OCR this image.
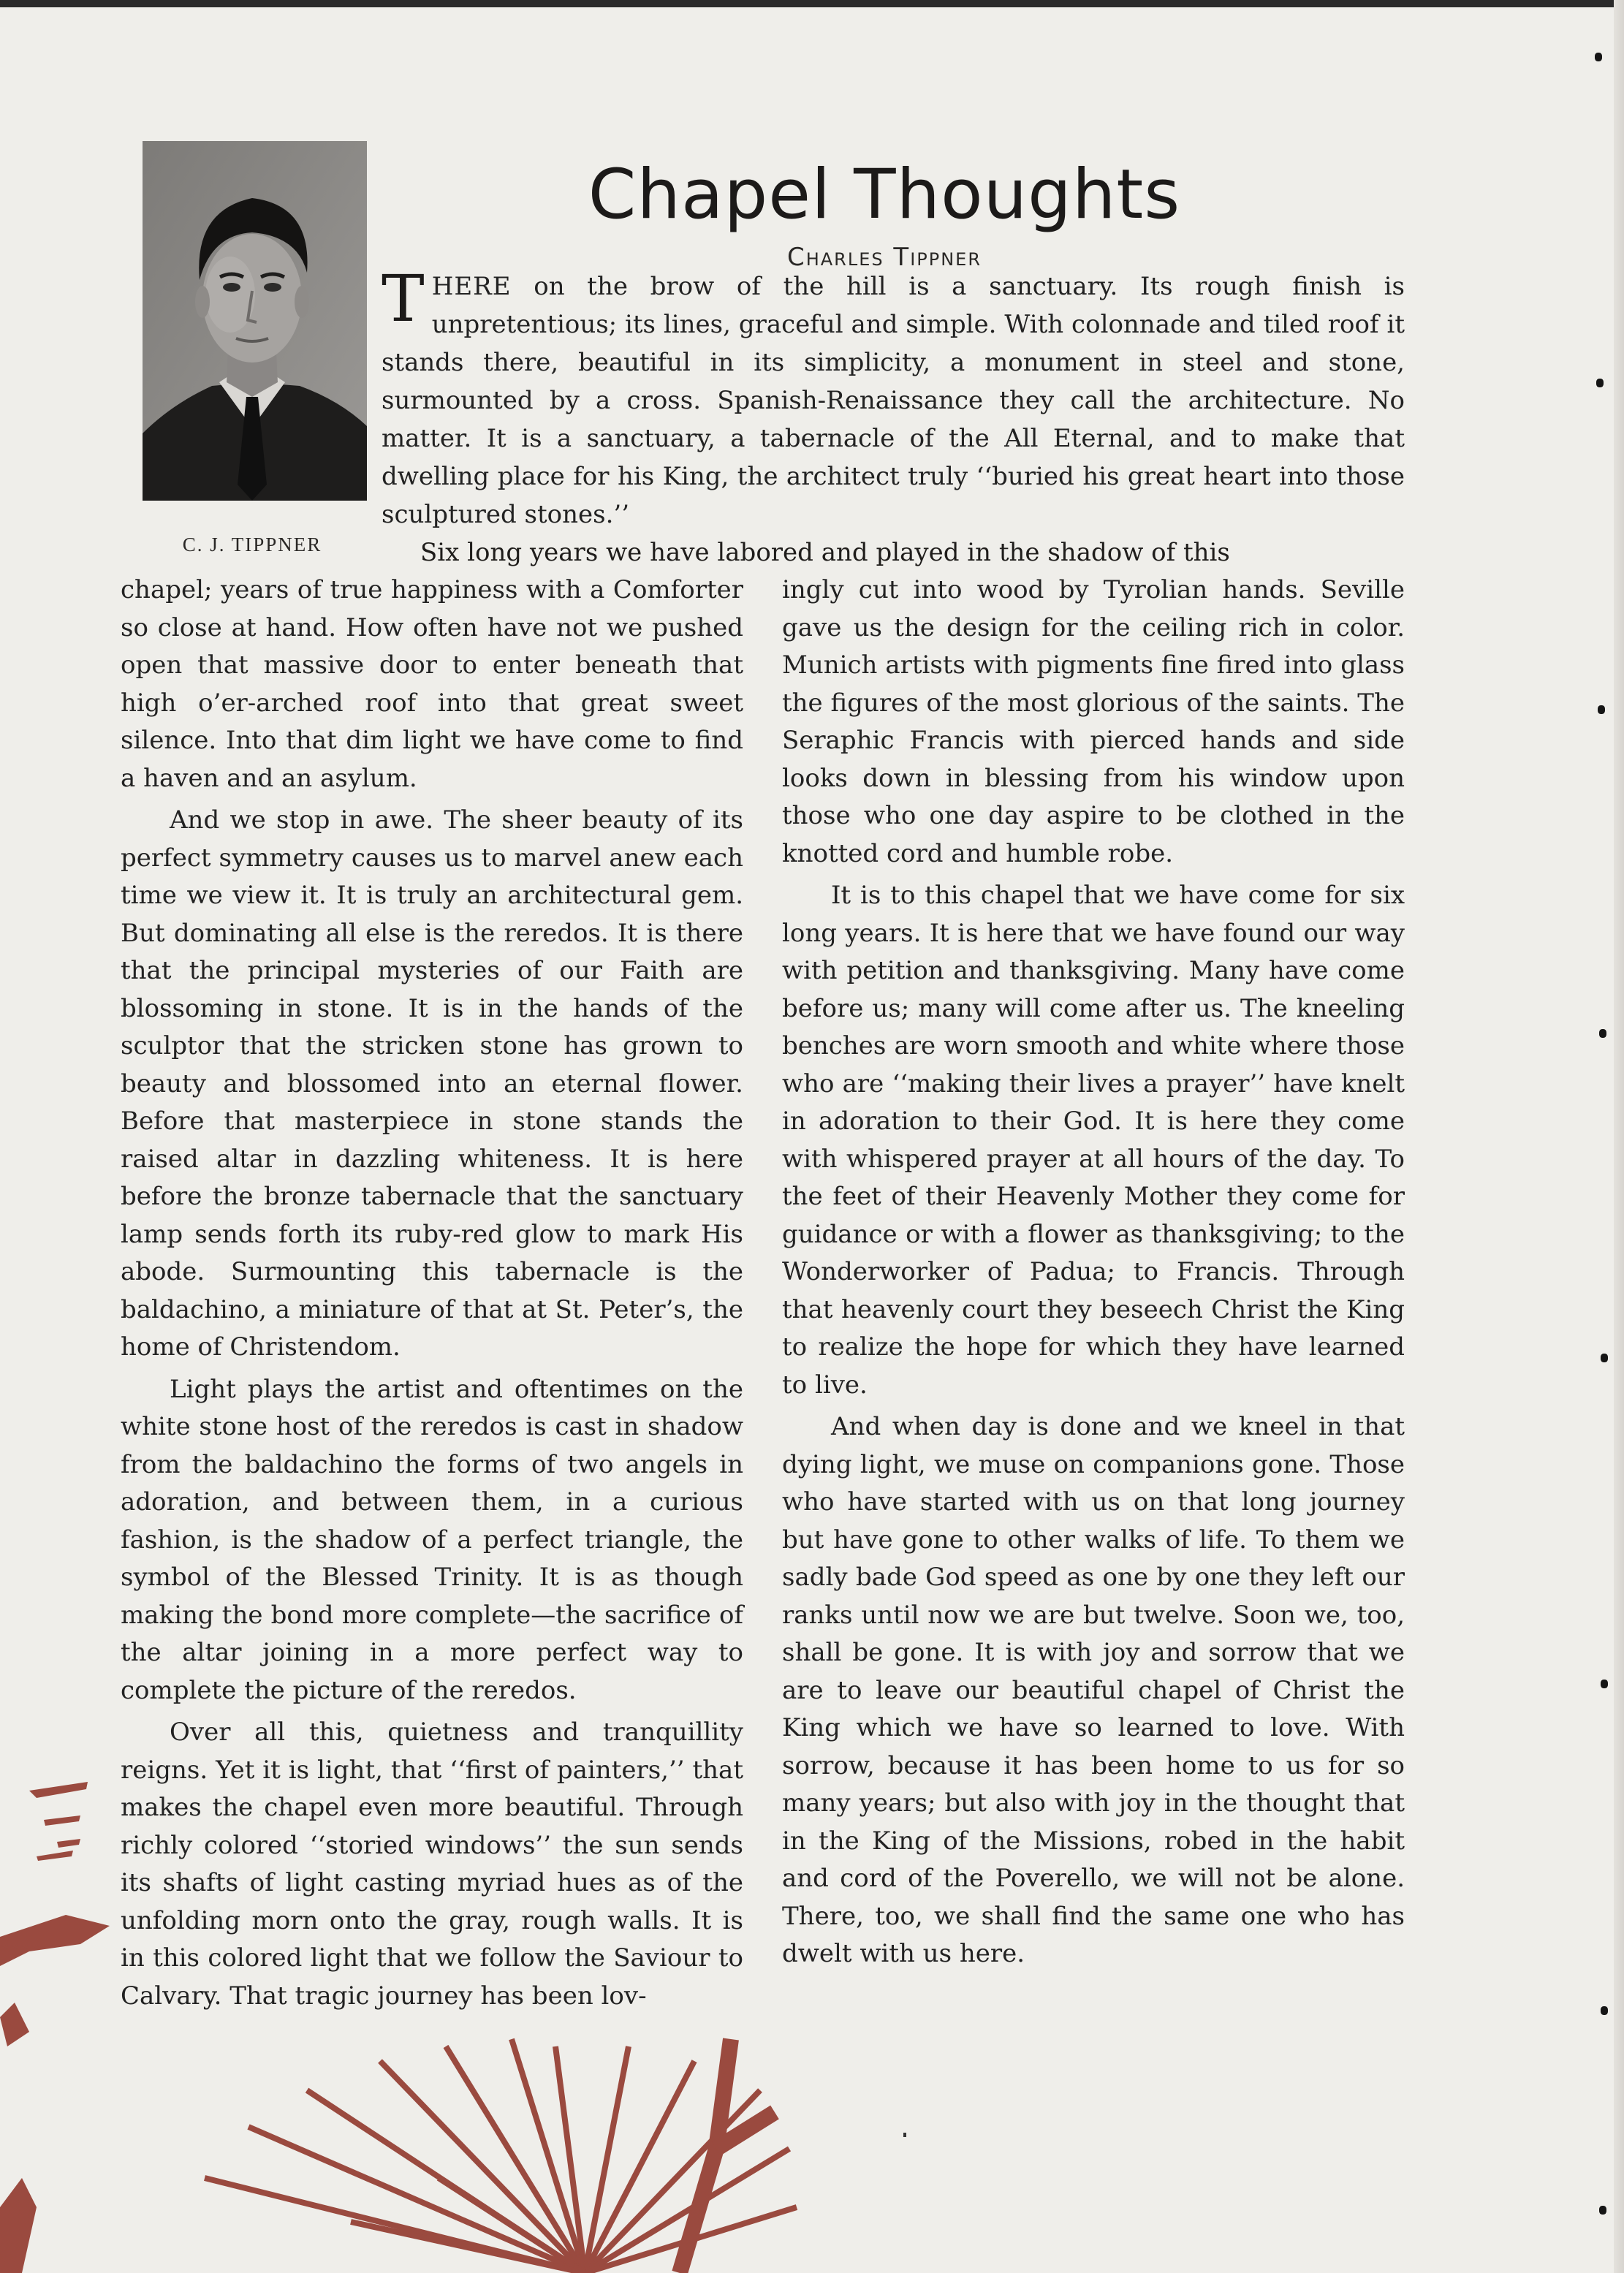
C. J. TIPPNER
Chapel Thoughts
Charles Tippner

THERE on the brow of the hill is a sanctuary. Its rough finish is unpretentious; its lines, graceful and simple. With colonnade and tiled roof it stands there, beautiful in its simplicity, a monument in steel and stone, surmounted by a cross. Spanish-Renaissance they call the architecture. No matter. It is a sanctuary, a tabernacle of the All Eternal, and to make that dwelling place for his King, the architect truly ‘‘buried his great heart into those sculptured stones.’’

Six long years we have labored and played in the shadow of this

chapel; years of true happiness with a Comforter so close at hand. How often have not we pushed open that massive door to enter beneath that high o’er-arched roof into that great sweet silence. Into that dim light we have come to find a haven and an asylum.

And we stop in awe. The sheer beauty of its perfect symmetry causes us to marvel anew each time we view it. It is truly an architectural gem. But dominating all else is the reredos. It is there that the principal mysteries of our Faith are blossoming in stone. It is in the hands of the sculptor that the stricken stone has grown to beauty and blossomed into an eternal flower. Before that masterpiece in stone stands the raised altar in dazzling whiteness. It is here before the bronze tabernacle that the sanctuary lamp sends forth its ruby-red glow to mark His abode. Surmounting this tabernacle is the baldachino, a miniature of that at St. Peter’s, the home of Christendom.

Light plays the artist and oftentimes on the white stone host of the reredos is cast in shadow from the baldachino the forms of two angels in adoration, and between them, in a curious fashion, is the shadow of a perfect triangle, the symbol of the Blessed Trinity. It is as though making the bond more complete—the sacrifice of the altar joining in a more perfect way to complete the picture of the reredos.

Over all this, quietness and tranquillity reigns. Yet it is light, that ‘‘first of painters,’’ that makes the chapel even more beautiful. Through richly colored ‘‘storied windows’’ the sun sends its shafts of light casting myriad hues as of the unfolding morn onto the gray, rough walls. It is in this colored light that we follow the Saviour to Calvary. That tragic journey has been lov-

ingly cut into wood by Tyrolian hands. Seville gave us the design for the ceiling rich in color. Munich artists with pigments fine fired into glass the figures of the most glorious of the saints. The Seraphic Francis with pierced hands and side looks down in blessing from his window upon those who one day aspire to be clothed in the knotted cord and humble robe.

It is to this chapel that we have come for six long years. It is here that we have found our way with petition and thanksgiving. Many have come before us; many will come after us. The kneeling benches are worn smooth and white where those who are ‘‘making their lives a prayer’’ have knelt in adoration to their God. It is here they come with whispered prayer at all hours of the day. To the feet of their Heavenly Mother they come for guidance or with a flower as thanksgiving; to the Wonderworker of Padua; to Francis. Through that heavenly court they beseech Christ the King to realize the hope for which they have learned to live.

And when day is done and we kneel in that dying light, we muse on companions gone. Those who have started with us on that long journey but have gone to other walks of life. To them we sadly bade God speed as one by one they left our ranks until now we are but twelve. Soon we, too, shall be gone. It is with joy and sorrow that we are to leave our beautiful chapel of Christ the King which we have so learned to love. With sorrow, because it has been home to us for so many years; but also with joy in the thought that in the King of the Missions, robed in the habit and cord of the Poverello, we will not be alone. There, too, we shall find the same one who has dwelt with us here.
